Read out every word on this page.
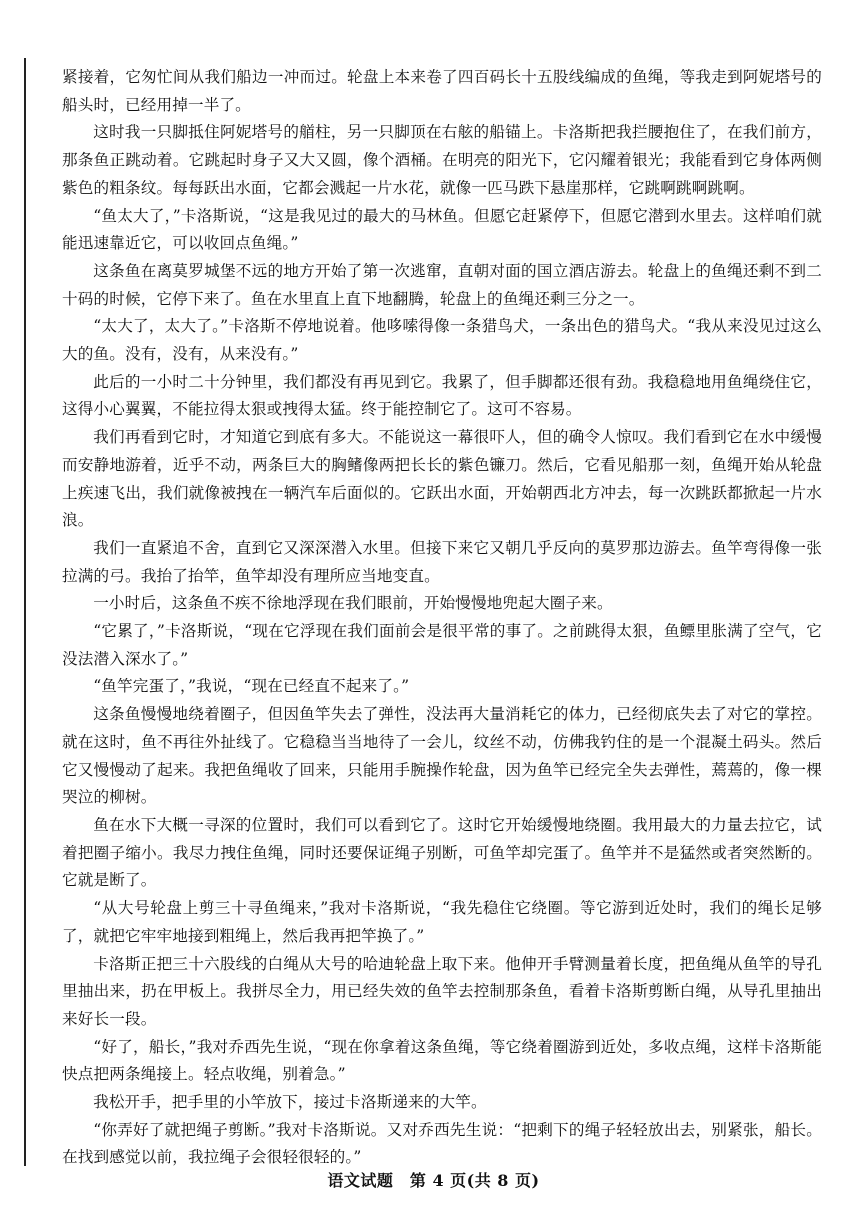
紧接着，它匆忙间从我们船边一冲而过。轮盘上本来卷了四百码长十五股线编成的鱼绳，等我走到阿妮塔号的船头时，已经用掉一半了。

这时我一只脚抵住阿妮塔号的艏柱，另一只脚顶在右舷的船锚上。卡洛斯把我拦腰抱住了，在我们前方，那条鱼正跳动着。它跳起时身子又大又圆，像个酒桶。在明亮的阳光下，它闪耀着银光；我能看到它身体两侧紫色的粗条纹。每每跃出水面，它都会溅起一片水花，就像一匹马跌下悬崖那样，它跳啊跳啊跳啊。

“鱼太大了，”卡洛斯说，“这是我见过的最大的马林鱼。但愿它赶紧停下，但愿它潜到水里去。这样咱们就能迅速靠近它，可以收回点鱼绳。”

这条鱼在离莫罗城堡不远的地方开始了第一次逃窜，直朝对面的国立酒店游去。轮盘上的鱼绳还剩不到二十码的时候，它停下来了。鱼在水里直上直下地翻腾，轮盘上的鱼绳还剩三分之一。

“太大了，太大了。”卡洛斯不停地说着。他哆嗦得像一条猎鸟犬，一条出色的猎鸟犬。“我从来没见过这么大的鱼。没有，没有，从来没有。”

此后的一小时二十分钟里，我们都没有再见到它。我累了，但手脚都还很有劲。我稳稳地用鱼绳绕住它，这得小心翼翼，不能拉得太狠或拽得太猛。终于能控制它了。这可不容易。

我们再看到它时，才知道它到底有多大。不能说这一幕很吓人，但的确令人惊叹。我们看到它在水中缓慢而安静地游着，近乎不动，两条巨大的胸鳍像两把长长的紫色镰刀。然后，它看见船那一刻，鱼绳开始从轮盘上疾速飞出，我们就像被拽在一辆汽车后面似的。它跃出水面，开始朝西北方冲去，每一次跳跃都掀起一片水浪。

我们一直紧追不舍，直到它又深深潜入水里。但接下来它又朝几乎反向的莫罗那边游去。鱼竿弯得像一张拉满的弓。我抬了抬竿，鱼竿却没有理所应当地变直。

一小时后，这条鱼不疾不徐地浮现在我们眼前，开始慢慢地兜起大圈子来。

“它累了，”卡洛斯说，“现在它浮现在我们面前会是很平常的事了。之前跳得太狠，鱼鳔里胀满了空气，它没法潜入深水了。”

“鱼竿完蛋了，”我说，“现在已经直不起来了。”

这条鱼慢慢地绕着圈子，但因鱼竿失去了弹性，没法再大量消耗它的体力，已经彻底失去了对它的掌控。就在这时，鱼不再往外扯线了。它稳稳当当地待了一会儿，纹丝不动，仿佛我钓住的是一个混凝土码头。然后它又慢慢动了起来。我把鱼绳收了回来，只能用手腕操作轮盘，因为鱼竿已经完全失去弹性，蔫蔫的，像一棵哭泣的柳树。

鱼在水下大概一寻深的位置时，我们可以看到它了。这时它开始缓慢地绕圈。我用最大的力量去拉它，试着把圈子缩小。我尽力拽住鱼绳，同时还要保证绳子别断，可鱼竿却完蛋了。鱼竿并不是猛然或者突然断的。它就是断了。

“从大号轮盘上剪三十寻鱼绳来，”我对卡洛斯说，“我先稳住它绕圈。等它游到近处时，我们的绳长足够了，就把它牢牢地接到粗绳上，然后我再把竿换了。”

卡洛斯正把三十六股线的白绳从大号的哈迪轮盘上取下来。他伸开手臂测量着长度，把鱼绳从鱼竿的导孔里抽出来，扔在甲板上。我拼尽全力，用已经失效的鱼竿去控制那条鱼，看着卡洛斯剪断白绳，从导孔里抽出来好长一段。

“好了，船长，”我对乔西先生说，“现在你拿着这条鱼绳，等它绕着圈游到近处，多收点绳，这样卡洛斯能快点把两条绳接上。轻点收绳，别着急。”

我松开手，把手里的小竿放下，接过卡洛斯递来的大竿。

“你弄好了就把绳子剪断。”我对卡洛斯说。又对乔西先生说：“把剩下的绳子轻轻放出去，别紧张，船长。在找到感觉以前，我拉绳子会很轻很轻的。”

语文试题　第 4 页(共 8 页)
